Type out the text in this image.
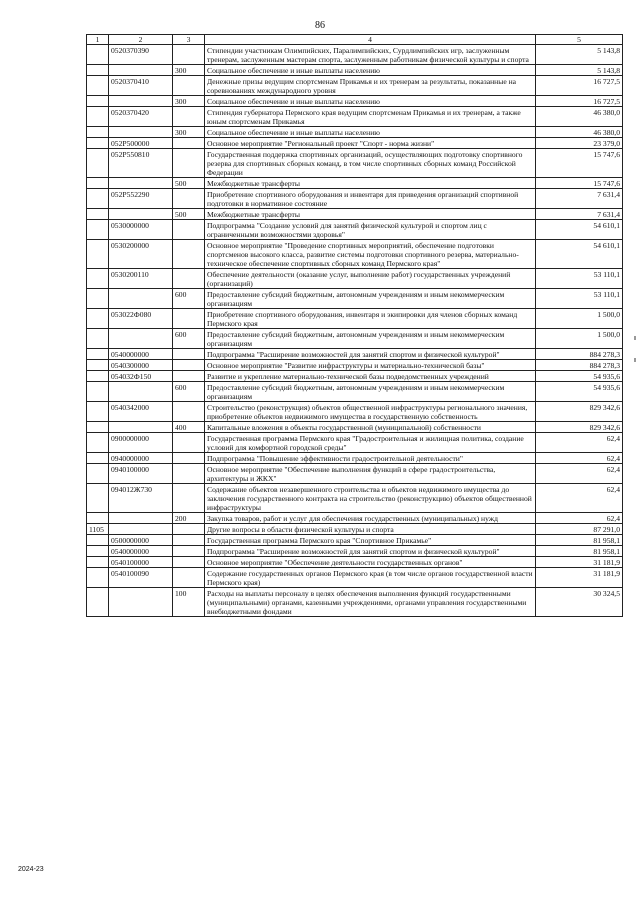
86
1	2	3	4	5
	0520370390		Стипендии участникам Олимпийских, Паралимпийских, Сурдлимпийских игр, заслуженным тренерам, заслуженным мастерам спорта, заслуженным работникам физической культуры и спорта	5 143,8
		300	Социальное обеспечение и иные выплаты населению	5 143,8
	0520370410		Денежные призы ведущим спортсменам Прикамья и их тренерам за результаты, показанные на соревнованиях международного уровня	16 727,5
		300	Социальное обеспечение и иные выплаты населению	16 727,5
	0520370420		Стипендия губернатора Пермского края ведущим спортсменам Прикамья и их тренерам, а также юным спортсменам Прикамья	46 380,0
		300	Социальное обеспечение и иные выплаты населению	46 380,0
	052P500000		Основное мероприятие "Региональный проект "Спорт - норма жизни"	23 379,0
	052P550810		Государственная поддержка спортивных организаций, осуществляющих подготовку спортивного резерва для спортивных сборных команд, в том числе спортивных сборных команд Российской Федерации	15 747,6
		500	Межбюджетные трансферты	15 747,6
	052P552290		Приобретение спортивного оборудования и инвентаря для приведения организаций спортивной подготовки в нормативное состояние	7 631,4
		500	Межбюджетные трансферты	7 631,4
	0530000000		Подпрограмма "Создание условий для занятий физической культурой и спортом лиц с ограниченными возможностями здоровья"	54 610,1
	0530200000		Основное мероприятие "Проведение спортивных мероприятий, обеспечение подготовки спортсменов высокого класса, развитие системы подготовки спортивного резерва, материально-техническое обеспечение спортивных сборных команд Пермского края"	54 610,1
	0530200110		Обеспечение деятельности (оказание услуг, выполнение работ) государственных учреждений (организаций)	53 110,1
		600	Предоставление субсидий бюджетным, автономным учреждениям и иным некоммерческим организациям	53 110,1
	053022Ф080		Приобретение спортивного оборудования, инвентаря и экипировки для членов сборных команд Пермского края	1 500,0
		600	Предоставление субсидий бюджетным, автономным учреждениям и иным некоммерческим организациям	1 500,0
	0540000000		Подпрограмма "Расширение возможностей для занятий спортом и физической культурой"	884 278,3
	0540300000		Основное мероприятие "Развитие инфраструктуры и материально-технической базы"	884 278,3
	054032Ф150		Развитие и укрепление материально-технической базы подведомственных учреждений	54 935,6
		600	Предоставление субсидий бюджетным, автономным учреждениям и иным некоммерческим организациям	54 935,6
	0540342000		Строительство (реконструкция) объектов общественной инфраструктуры регионального значения, приобретение объектов недвижимого имущества в государственную собственность	829 342,6
		400	Капитальные вложения в объекты государственной (муниципальной) собственности	829 342,6
	0900000000		Государственная программа Пермского края "Градостроительная и жилищная политика, создание условий для комфортной городской среды"	62,4
	0940000000		Подпрограмма "Повышение эффективности градостроительной деятельности"	62,4
	0940100000		Основное мероприятие "Обеспечение выполнения функций в сфере градостроительства, архитектуры и ЖКХ"	62,4
	094012Ж730		Содержание объектов незавершенного строительства и объектов недвижимого имущества до заключения государственного контракта на строительство (реконструкцию) объектов общественной инфраструктуры	62,4
		200	Закупка товаров, работ и услуг для обеспечения государственных (муниципальных) нужд	62,4
1105			Другие вопросы в области физической культуры и спорта	87 291,0
	0500000000		Государственная программа Пермского края "Спортивное Прикамье"	81 958,1
	0540000000		Подпрограмма "Расширение возможностей для занятий спортом и физической культурой"	81 958,1
	0540100000		Основное мероприятие "Обеспечение деятельности государственных органов"	31 181,9
	0540100090		Содержание государственных органов Пермского края (в том числе органов государственной власти Пермского края)	31 181,9
		100	Расходы на выплаты персоналу в целях обеспечения выполнения функций государственными (муниципальными) органами, казенными учреждениями, органами управления государственными внебюджетными фондами	30 324,5
2024-23
